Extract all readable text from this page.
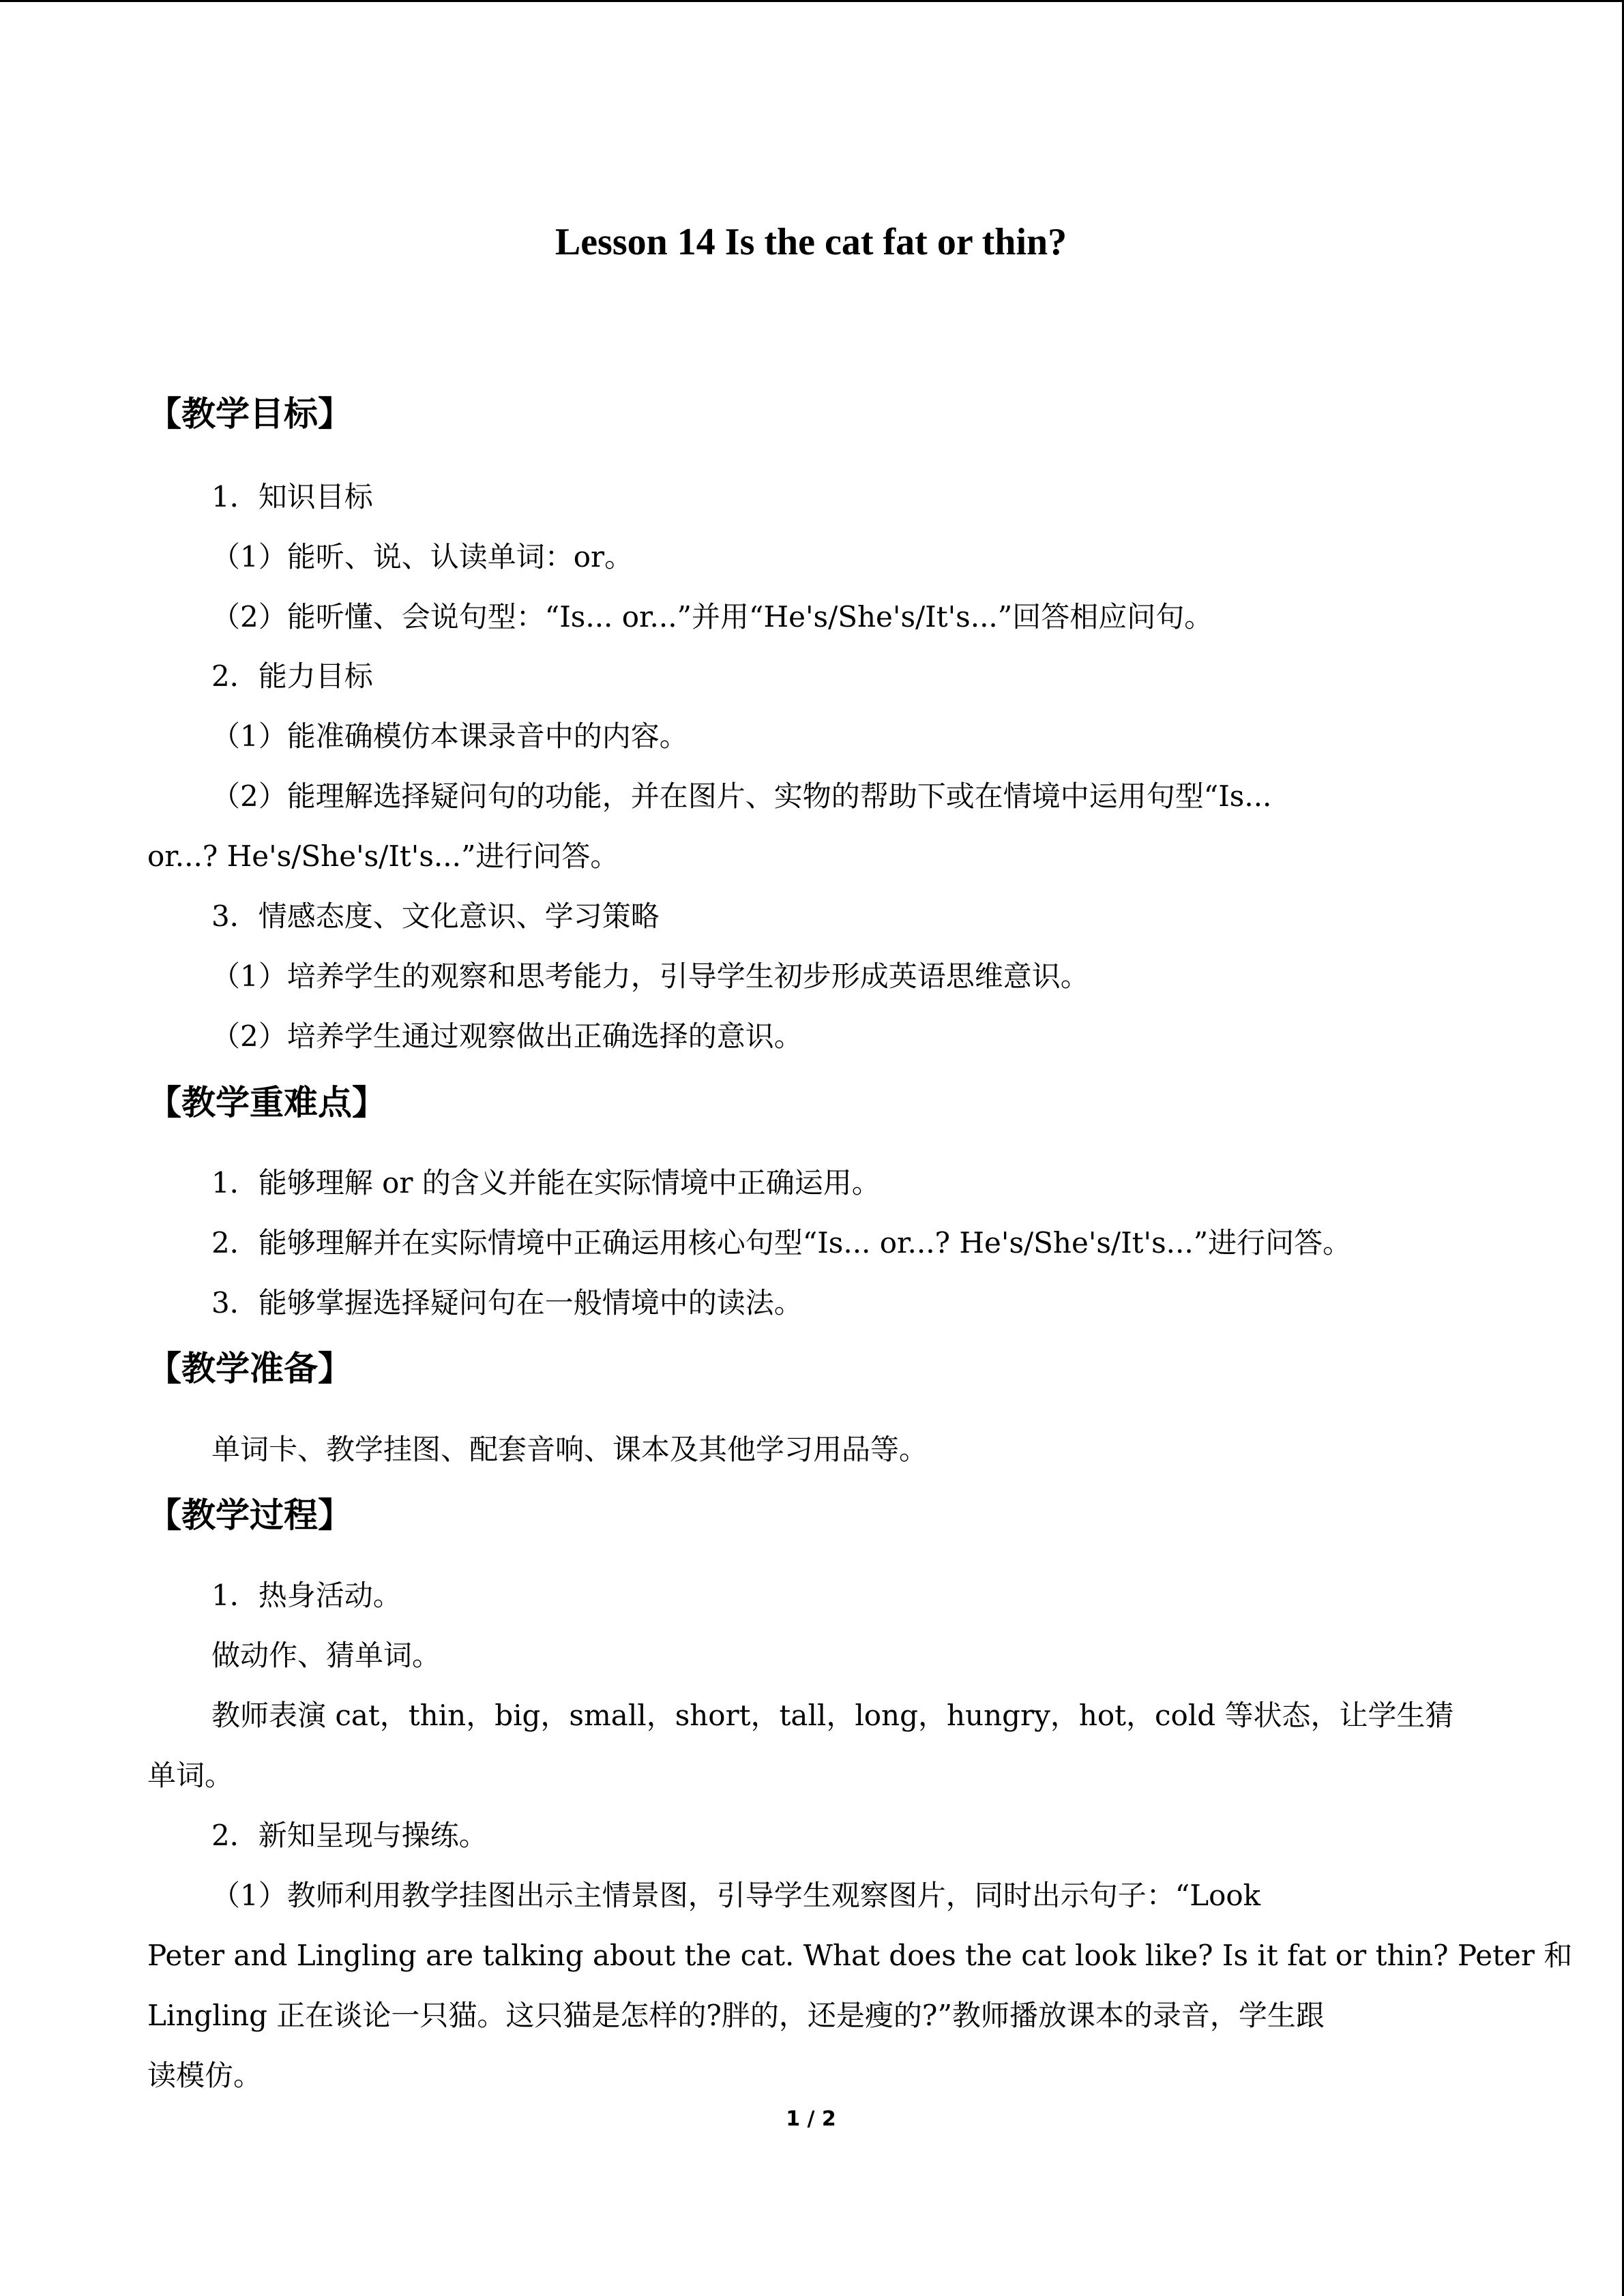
Lesson 14 Is the cat fat or thin?
【教学目标】

1．知识目标

（1）能听、说、认读单词：or。

（2）能听懂、会说句型：“Is... or...”并用“He's/She's/It's...”回答相应问句。

2．能力目标

（1）能准确模仿本课录音中的内容。

（2）能理解选择疑问句的功能，并在图片、实物的帮助下或在情境中运用句型“Is...

or...? He's/She's/It's...”进行问答。

3．情感态度、文化意识、学习策略

（1）培养学生的观察和思考能力，引导学生初步形成英语思维意识。

（2）培养学生通过观察做出正确选择的意识。

【教学重难点】

1．能够理解 or 的含义并能在实际情境中正确运用。

2．能够理解并在实际情境中正确运用核心句型“Is... or...? He's/She's/It's...”进行问答。

3．能够掌握选择疑问句在一般情境中的读法。

【教学准备】

单词卡、教学挂图、配套音响、课本及其他学习用品等。

【教学过程】

1．热身活动。

做动作、猜单词。

教师表演 cat，thin，big，small，short，tall，long，hungry，hot，cold 等状态，让学生猜

单词。

2．新知呈现与操练。

（1）教师利用教学挂图出示主情景图，引导学生观察图片，同时出示句子：“Look

Peter and Lingling are talking about the cat. What does the cat look like? Is it fat or thin? Peter 和

Lingling 正在谈论一只猫。这只猫是怎样的?胖的，还是瘦的?”教师播放课本的录音，学生跟

读模仿。

1 / 2
